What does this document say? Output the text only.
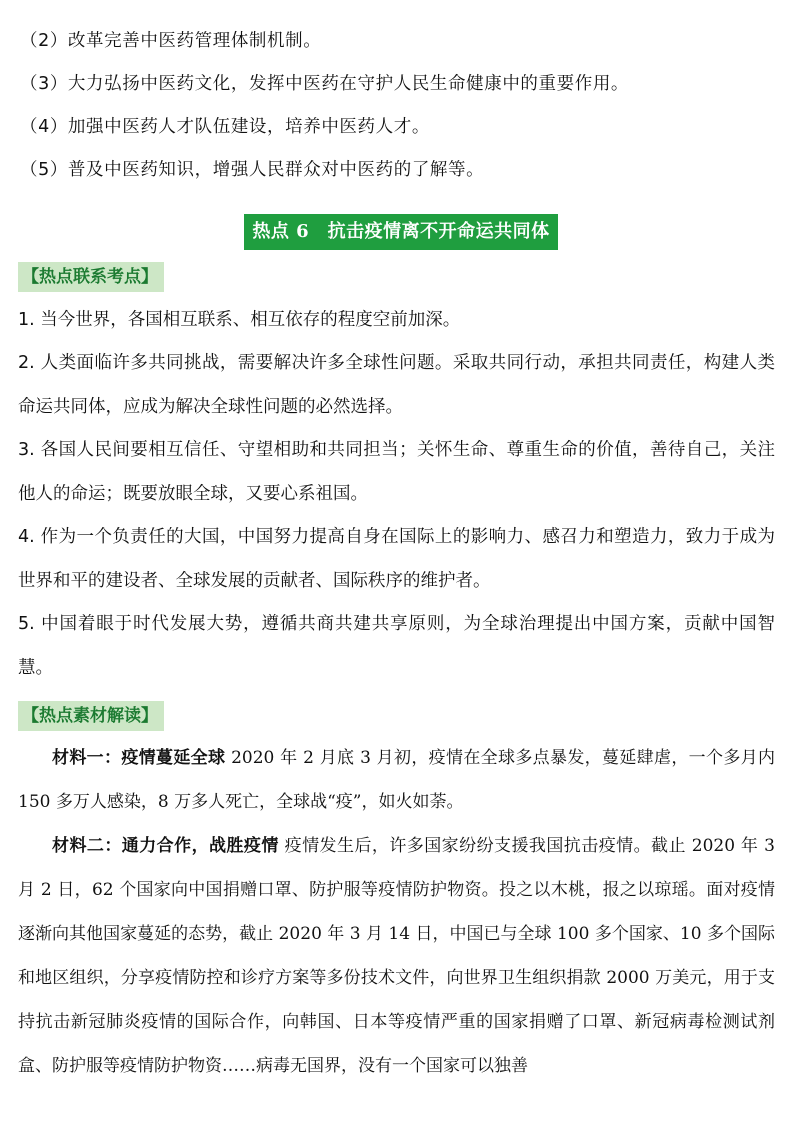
（2）改革完善中医药管理体制机制。
（3）大力弘扬中医药文化，发挥中医药在守护人民生命健康中的重要作用。
（4）加强中医药人才队伍建设，培养中医药人才。
（5）普及中医药知识，增强人民群众对中医药的了解等。
热点 6　抗击疫情离不开命运共同体
【热点联系考点】
1. 当今世界，各国相互联系、相互依存的程度空前加深。
2. 人类面临许多共同挑战，需要解决许多全球性问题。采取共同行动，承担共同责任，构建人类命运共同体，应成为解决全球性问题的必然选择。
3. 各国人民间要相互信任、守望相助和共同担当；关怀生命、尊重生命的价值，善待自己，关注他人的命运；既要放眼全球，又要心系祖国。
4. 作为一个负责任的大国，中国努力提高自身在国际上的影响力、感召力和塑造力，致力于成为世界和平的建设者、全球发展的贡献者、国际秩序的维护者。
5. 中国着眼于时代发展大势，遵循共商共建共享原则，为全球治理提出中国方案，贡献中国智慧。
【热点素材解读】
材料一：疫情蔓延全球 2020 年 2 月底 3 月初，疫情在全球多点暴发，蔓延肆虐，一个多月内 150 多万人感染，8 万多人死亡，全球战“疫”，如火如荼。
材料二：通力合作，战胜疫情 疫情发生后，许多国家纷纷支援我国抗击疫情。截止 2020 年 3 月 2 日，62 个国家向中国捐赠口罩、防护服等疫情防护物资。投之以木桃，报之以琼瑶。面对疫情逐渐向其他国家蔓延的态势，截止 2020 年 3 月 14 日，中国已与全球 100 多个国家、10 多个国际和地区组织，分享疫情防控和诊疗方案等多份技术文件，向世界卫生组织捐款 2000 万美元，用于支持抗击新冠肺炎疫情的国际合作，向韩国、日本等疫情严重的国家捐赠了口罩、新冠病毒检测试剂盒、防护服等疫情防护物资……病毒无国界，没有一个国家可以独善
